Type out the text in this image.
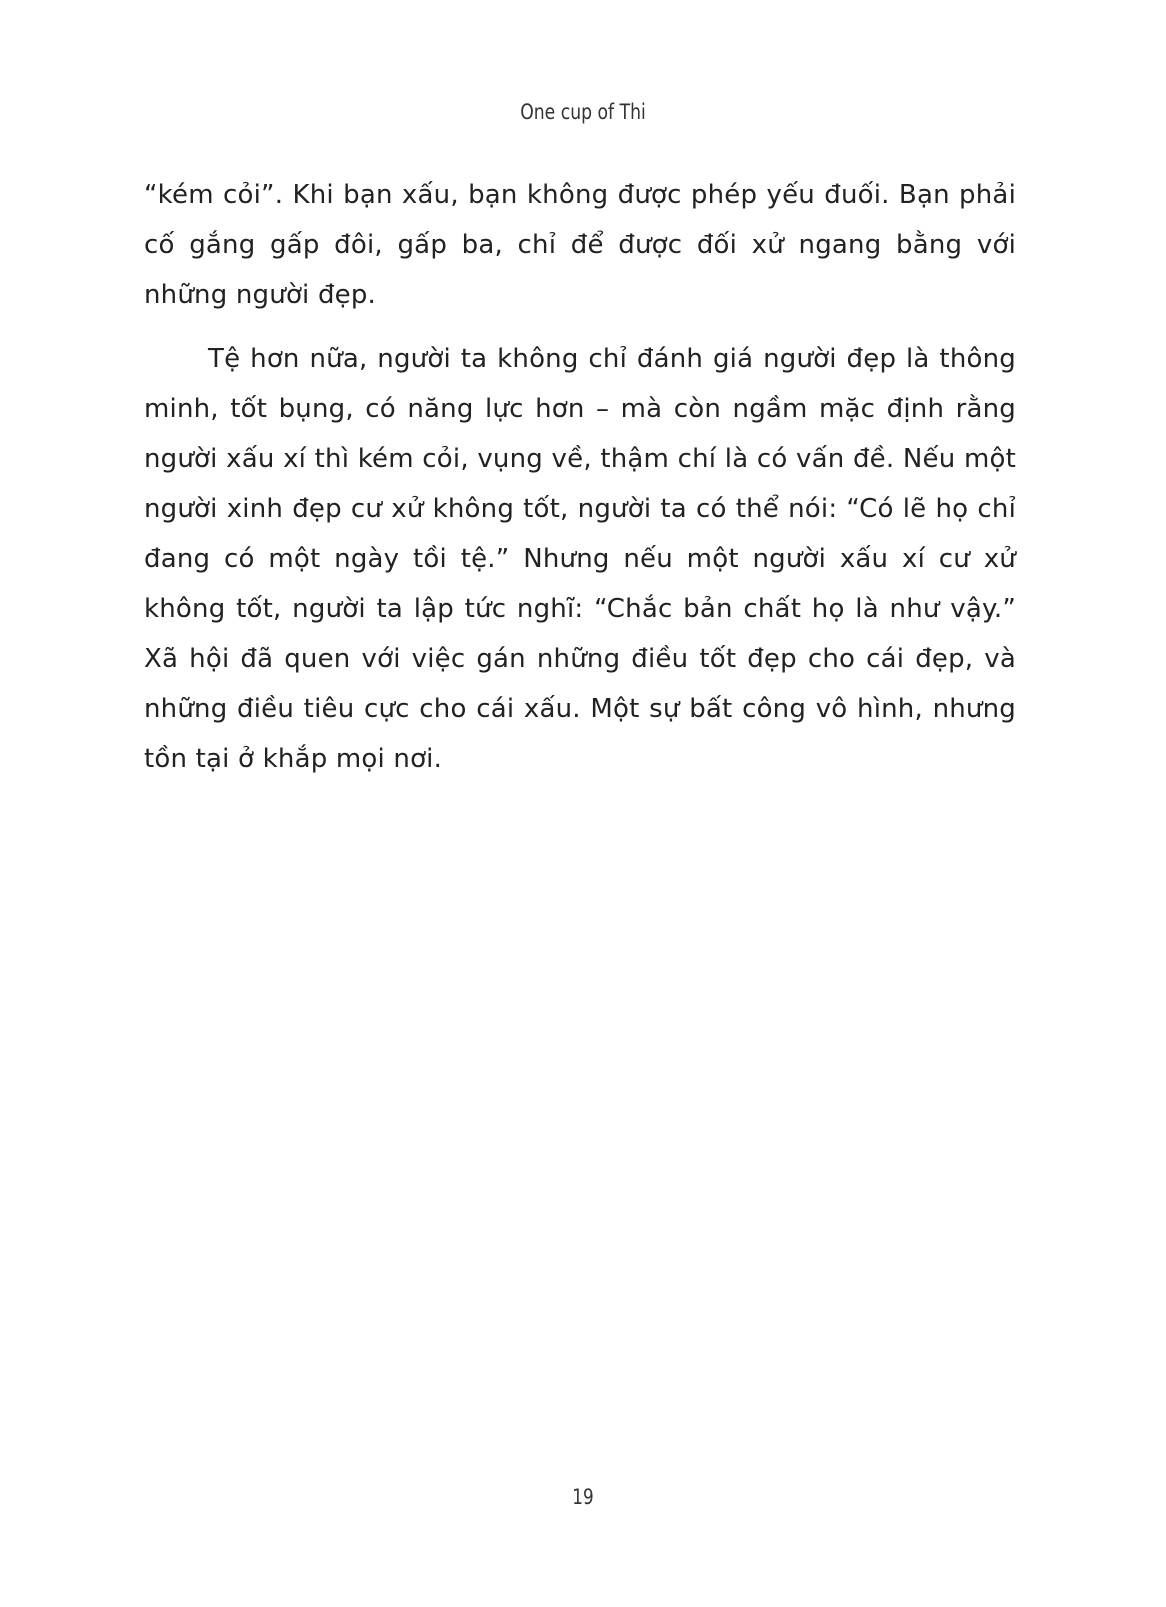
One cup of Thi

“kém cỏi”. Khi bạn xấu, bạn không được phép yếu đuối. Bạn phải cố gắng gấp đôi, gấp ba, chỉ để được đối xử ngang bằng với những người đẹp.

Tệ hơn nữa, người ta không chỉ đánh giá người đẹp là thông minh, tốt bụng, có năng lực hơn – mà còn ngầm mặc định rằng người xấu xí thì kém cỏi, vụng về, thậm chí là có vấn đề. Nếu một người xinh đẹp cư xử không tốt, người ta có thể nói: “Có lẽ họ chỉ đang có một ngày tồi tệ.” Nhưng nếu một người xấu xí cư xử không tốt, người ta lập tức nghĩ: “Chắc bản chất họ là như vậy.” Xã hội đã quen với việc gán những điều tốt đẹp cho cái đẹp, và những điều tiêu cực cho cái xấu. Một sự bất công vô hình, nhưng tồn tại ở khắp mọi nơi.

19
